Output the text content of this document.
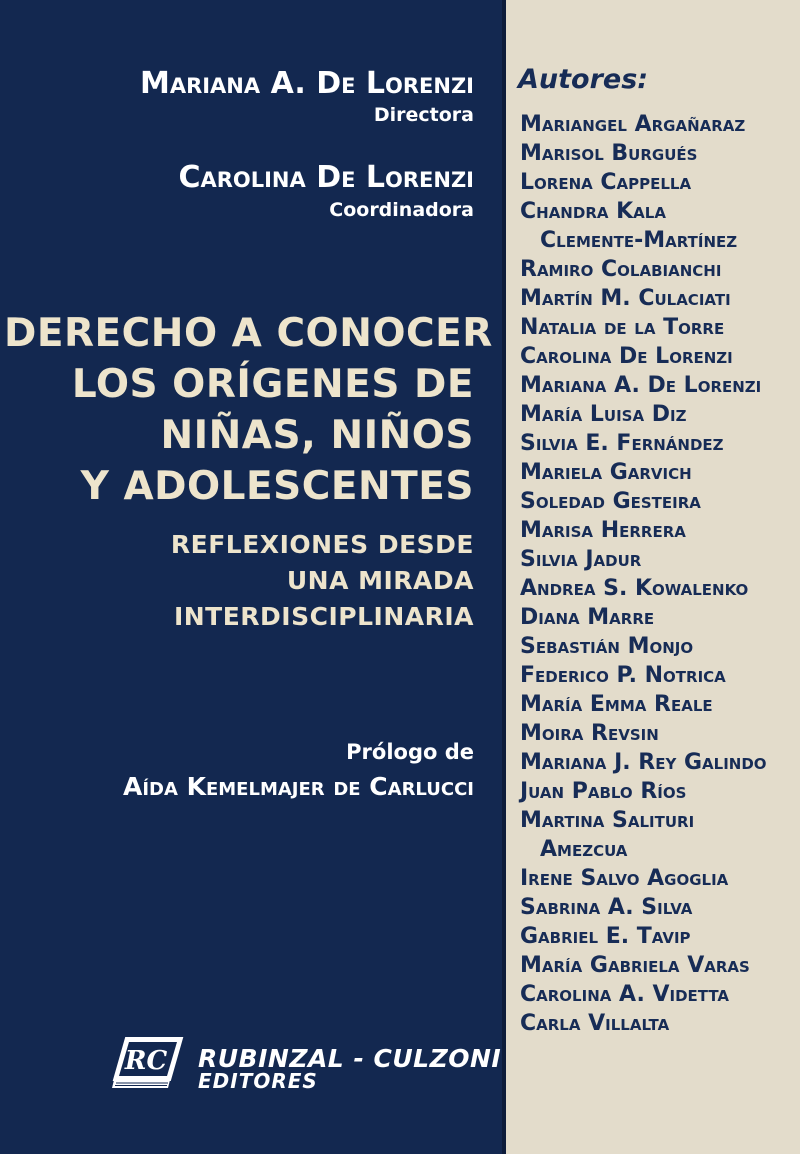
Mariana A. De Lorenzi
Directora
Carolina De Lorenzi
Coordinadora
DERECHO A CONOCER
LOS ORÍGENES DE
NIÑAS, NIÑOS
Y ADOLESCENTES
REFLEXIONES DESDE
UNA MIRADA
INTERDISCIPLINARIA
Prólogo de
Aída Kemelmajer de Carlucci
RC RUBINZAL - CULZONI
EDITORES
Autores:
Mariangel Argañaraz
Marisol Burgués
Lorena Cappella
Chandra Kala
Clemente-Martínez
Ramiro Colabianchi
Martín M. Culaciati
Natalia de la Torre
Carolina De Lorenzi
Mariana A. De Lorenzi
María Luisa Diz
Silvia E. Fernández
Mariela Garvich
Soledad Gesteira
Marisa Herrera
Silvia Jadur
Andrea S. Kowalenko
Diana Marre
Sebastián Monjo
Federico P. Notrica
María Emma Reale
Moira Revsin
Mariana J. Rey Galindo
Juan Pablo Ríos
Martina Salituri
Amezcua
Irene Salvo Agoglia
Sabrina A. Silva
Gabriel E. Tavip
María Gabriela Varas
Carolina A. Videtta
Carla Villalta
